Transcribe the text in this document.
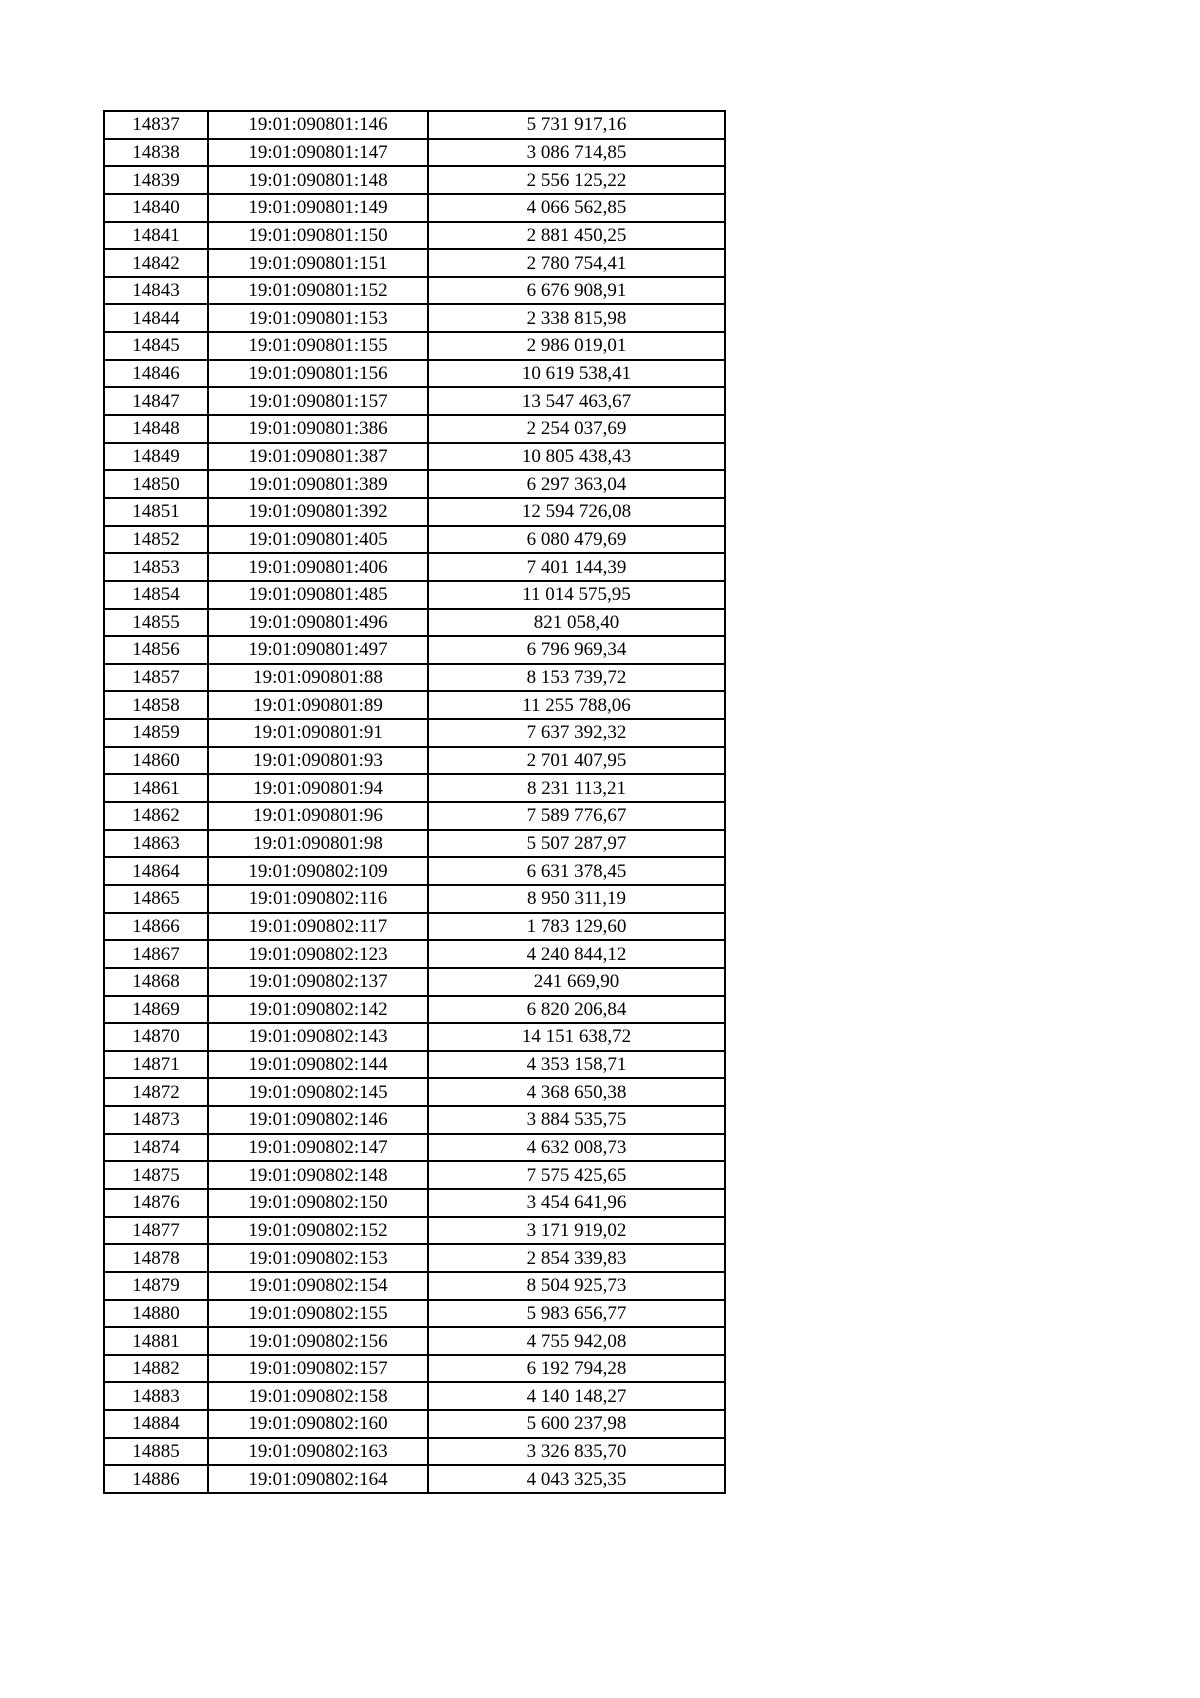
14837	19:01:090801:146	5 731 917,16
14838	19:01:090801:147	3 086 714,85
14839	19:01:090801:148	2 556 125,22
14840	19:01:090801:149	4 066 562,85
14841	19:01:090801:150	2 881 450,25
14842	19:01:090801:151	2 780 754,41
14843	19:01:090801:152	6 676 908,91
14844	19:01:090801:153	2 338 815,98
14845	19:01:090801:155	2 986 019,01
14846	19:01:090801:156	10 619 538,41
14847	19:01:090801:157	13 547 463,67
14848	19:01:090801:386	2 254 037,69
14849	19:01:090801:387	10 805 438,43
14850	19:01:090801:389	6 297 363,04
14851	19:01:090801:392	12 594 726,08
14852	19:01:090801:405	6 080 479,69
14853	19:01:090801:406	7 401 144,39
14854	19:01:090801:485	11 014 575,95
14855	19:01:090801:496	821 058,40
14856	19:01:090801:497	6 796 969,34
14857	19:01:090801:88	8 153 739,72
14858	19:01:090801:89	11 255 788,06
14859	19:01:090801:91	7 637 392,32
14860	19:01:090801:93	2 701 407,95
14861	19:01:090801:94	8 231 113,21
14862	19:01:090801:96	7 589 776,67
14863	19:01:090801:98	5 507 287,97
14864	19:01:090802:109	6 631 378,45
14865	19:01:090802:116	8 950 311,19
14866	19:01:090802:117	1 783 129,60
14867	19:01:090802:123	4 240 844,12
14868	19:01:090802:137	241 669,90
14869	19:01:090802:142	6 820 206,84
14870	19:01:090802:143	14 151 638,72
14871	19:01:090802:144	4 353 158,71
14872	19:01:090802:145	4 368 650,38
14873	19:01:090802:146	3 884 535,75
14874	19:01:090802:147	4 632 008,73
14875	19:01:090802:148	7 575 425,65
14876	19:01:090802:150	3 454 641,96
14877	19:01:090802:152	3 171 919,02
14878	19:01:090802:153	2 854 339,83
14879	19:01:090802:154	8 504 925,73
14880	19:01:090802:155	5 983 656,77
14881	19:01:090802:156	4 755 942,08
14882	19:01:090802:157	6 192 794,28
14883	19:01:090802:158	4 140 148,27
14884	19:01:090802:160	5 600 237,98
14885	19:01:090802:163	3 326 835,70
14886	19:01:090802:164	4 043 325,35
